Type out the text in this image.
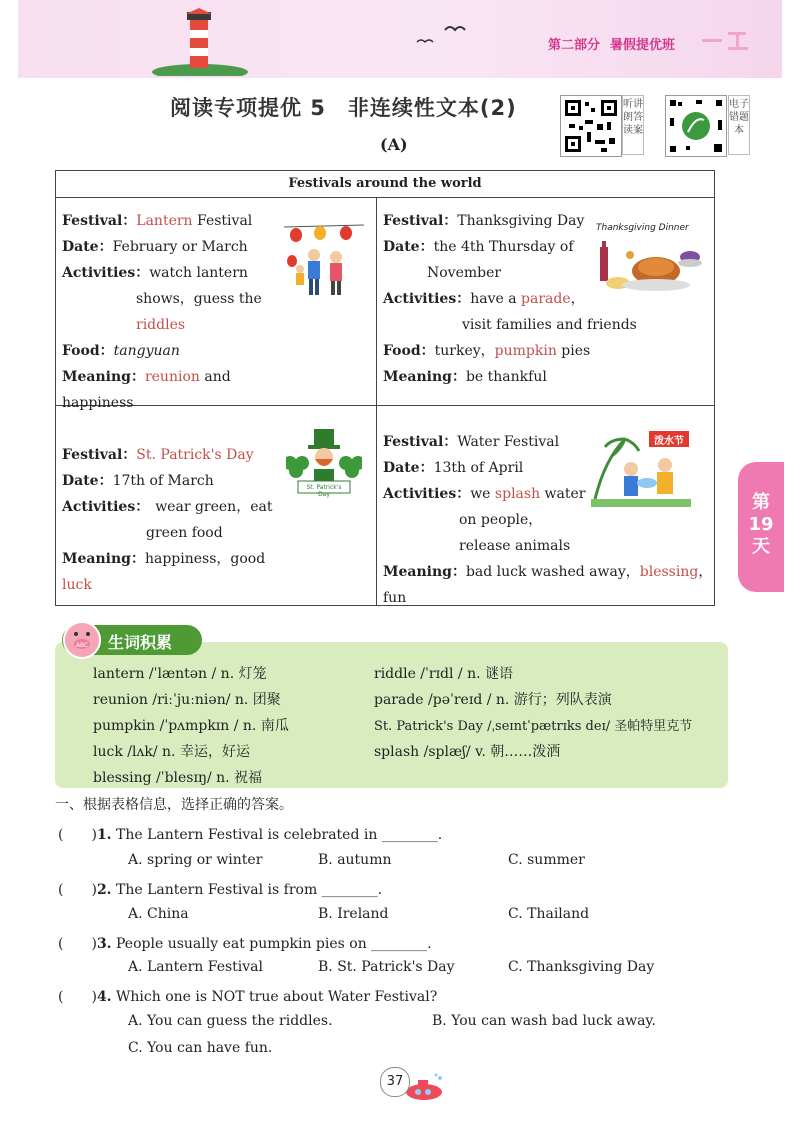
第二部分 暑假提优班
阅读专项提优 5　非连续性文本(2)
(A)
听讲朗答读案
电子错题本
Festivals around the world
Festival：Lantern Festival
Date：February or March
Activities：watch lantern
shows，guess the
riddles
Food：tangyuan
Meaning：reunion and happiness
Festival：Thanksgiving Day
Date：the 4th Thursday of
November
Activities：have a parade，
visit families and friends
Food：turkey，pumpkin pies
Meaning：be thankful
Thanksgiving Dinner
Festival：St. Patrick's Day
Date：17th of March
Activities： wear green，eat
green food
Meaning：happiness，good luck
St. Patrick's Day
Festival：Water Festival
Date：13th of April
Activities：we splash water
on people，
release animals
Meaning：bad luck washed away，blessing，fun
泼水节
生词积累
ABC
lantern /ˈlæntən / n. 灯笼
reunion /riːˈjuːniən/ n. 团聚
pumpkin /ˈpʌmpkɪn / n. 南瓜
luck /lʌk/ n. 幸运，好运
blessing /ˈblesɪŋ/ n. 祝福
riddle /ˈrɪdl / n. 谜语
parade /pəˈreɪd / n. 游行；列队表演
St. Patrick's Day /ˌseɪntˈpætrɪks deɪ/ 圣帕特里克节
splash /splæʃ/ v. 朝……泼洒
一、根据表格信息，选择正确的答案。
(　　)1. The Lantern Festival is celebrated in ________.
A. spring or winter	B. autumn	C. summer
(　　)2. The Lantern Festival is from ________.
A. China	B. Ireland	C. Thailand
(　　)3. People usually eat pumpkin pies on ________.
A. Lantern Festival	B. St. Patrick's Day	C. Thanksgiving Day
(　　)4. Which one is NOT true about Water Festival?
A. You can guess the riddles.	B. You can wash bad luck away.
C. You can have fun.
第
19
天
37
